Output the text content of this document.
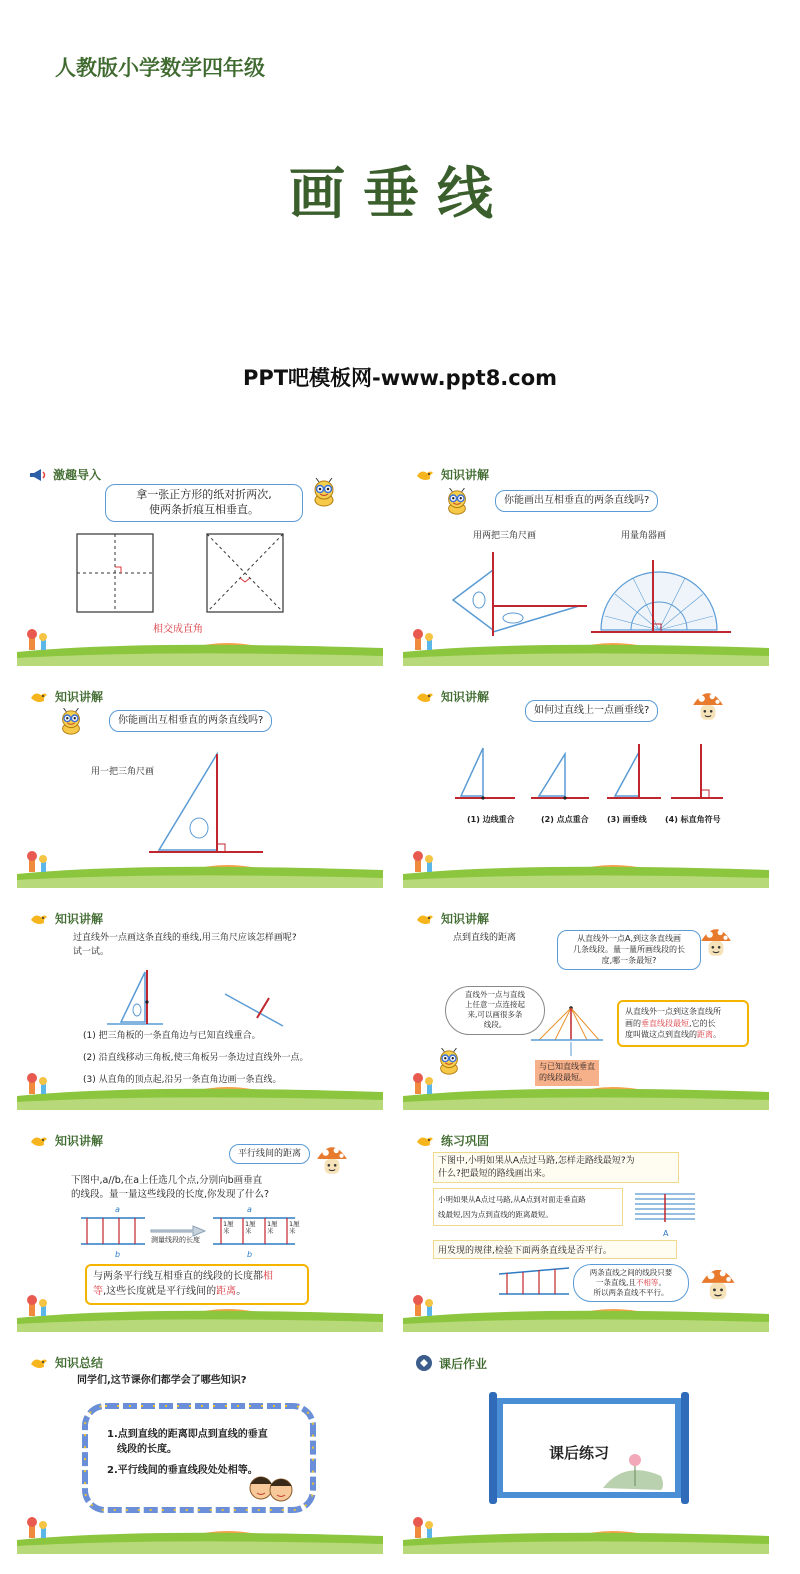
人教版小学数学四年级
画垂线
PPT吧模板网-www.ppt8.com
激趣导入
拿一张正方形的纸对折两次,
使两条折痕互相垂直。
相交成直角
知识讲解
你能画出互相垂直的两条直线吗?
用两把三角尺画	用量角器画
知识讲解
你能画出互相垂直的两条直线吗?
用一把三角尺画
知识讲解
如何过直线上一点画垂线?
(1) 边线重合	(2) 点点重合 (3) 画垂线 (4) 标直角符号
知识讲解
过直线外一点画这条直线的垂线,用三角尺应该怎样画呢?
试一试。
(1) 把三角板的一条直角边与已知直线重合。
(2) 沿直线移动三角板,使三角板另一条边过直线外一点。
(3) 从直角的顶点起,沿另一条直角边画一条直线。
知识讲解
点到直线的距离	从直线外一点A,到这条直线画
几条线段。量一量所画线段的长
度,哪一条最短?
直线外一点与直线
上任意一点连接起
来,可以画很多条
线段。
与已知直线垂直
的线段最短。
从直线外一点到这条直线所
画的垂直线段最短,它的长
度叫做这点到直线的距离。
知识讲解
平行线间的距离
下图中,a//b,在a上任选几个点,分别向b画垂直
的线段。量一量这些线段的长度,你发现了什么?
a	a
测量线段的长度
1厘米
1厘米
1厘米
1厘米
b	b
与两条平行线互相垂直的线段的长度都相
等,这些长度就是平行线间的距离。
练习巩固
下图中,小明如果从A点过马路,怎样走路线最短?为
什么?把最短的路线画出来。
小明如果从A点过马路,从A点到对面走垂直路
线最短,因为点到直线的距离最短。
A
用发现的规律,检验下面两条直线是否平行。
两条直线之间的线段只要
一条直线,且不相等。
所以两条直线不平行。
知识总结
同学们,这节课你们都学会了哪些知识?
1.点到直线的距离即点到直线的垂直
线段的长度。
2.平行线间的垂直线段处处相等。
课后作业
课后练习
